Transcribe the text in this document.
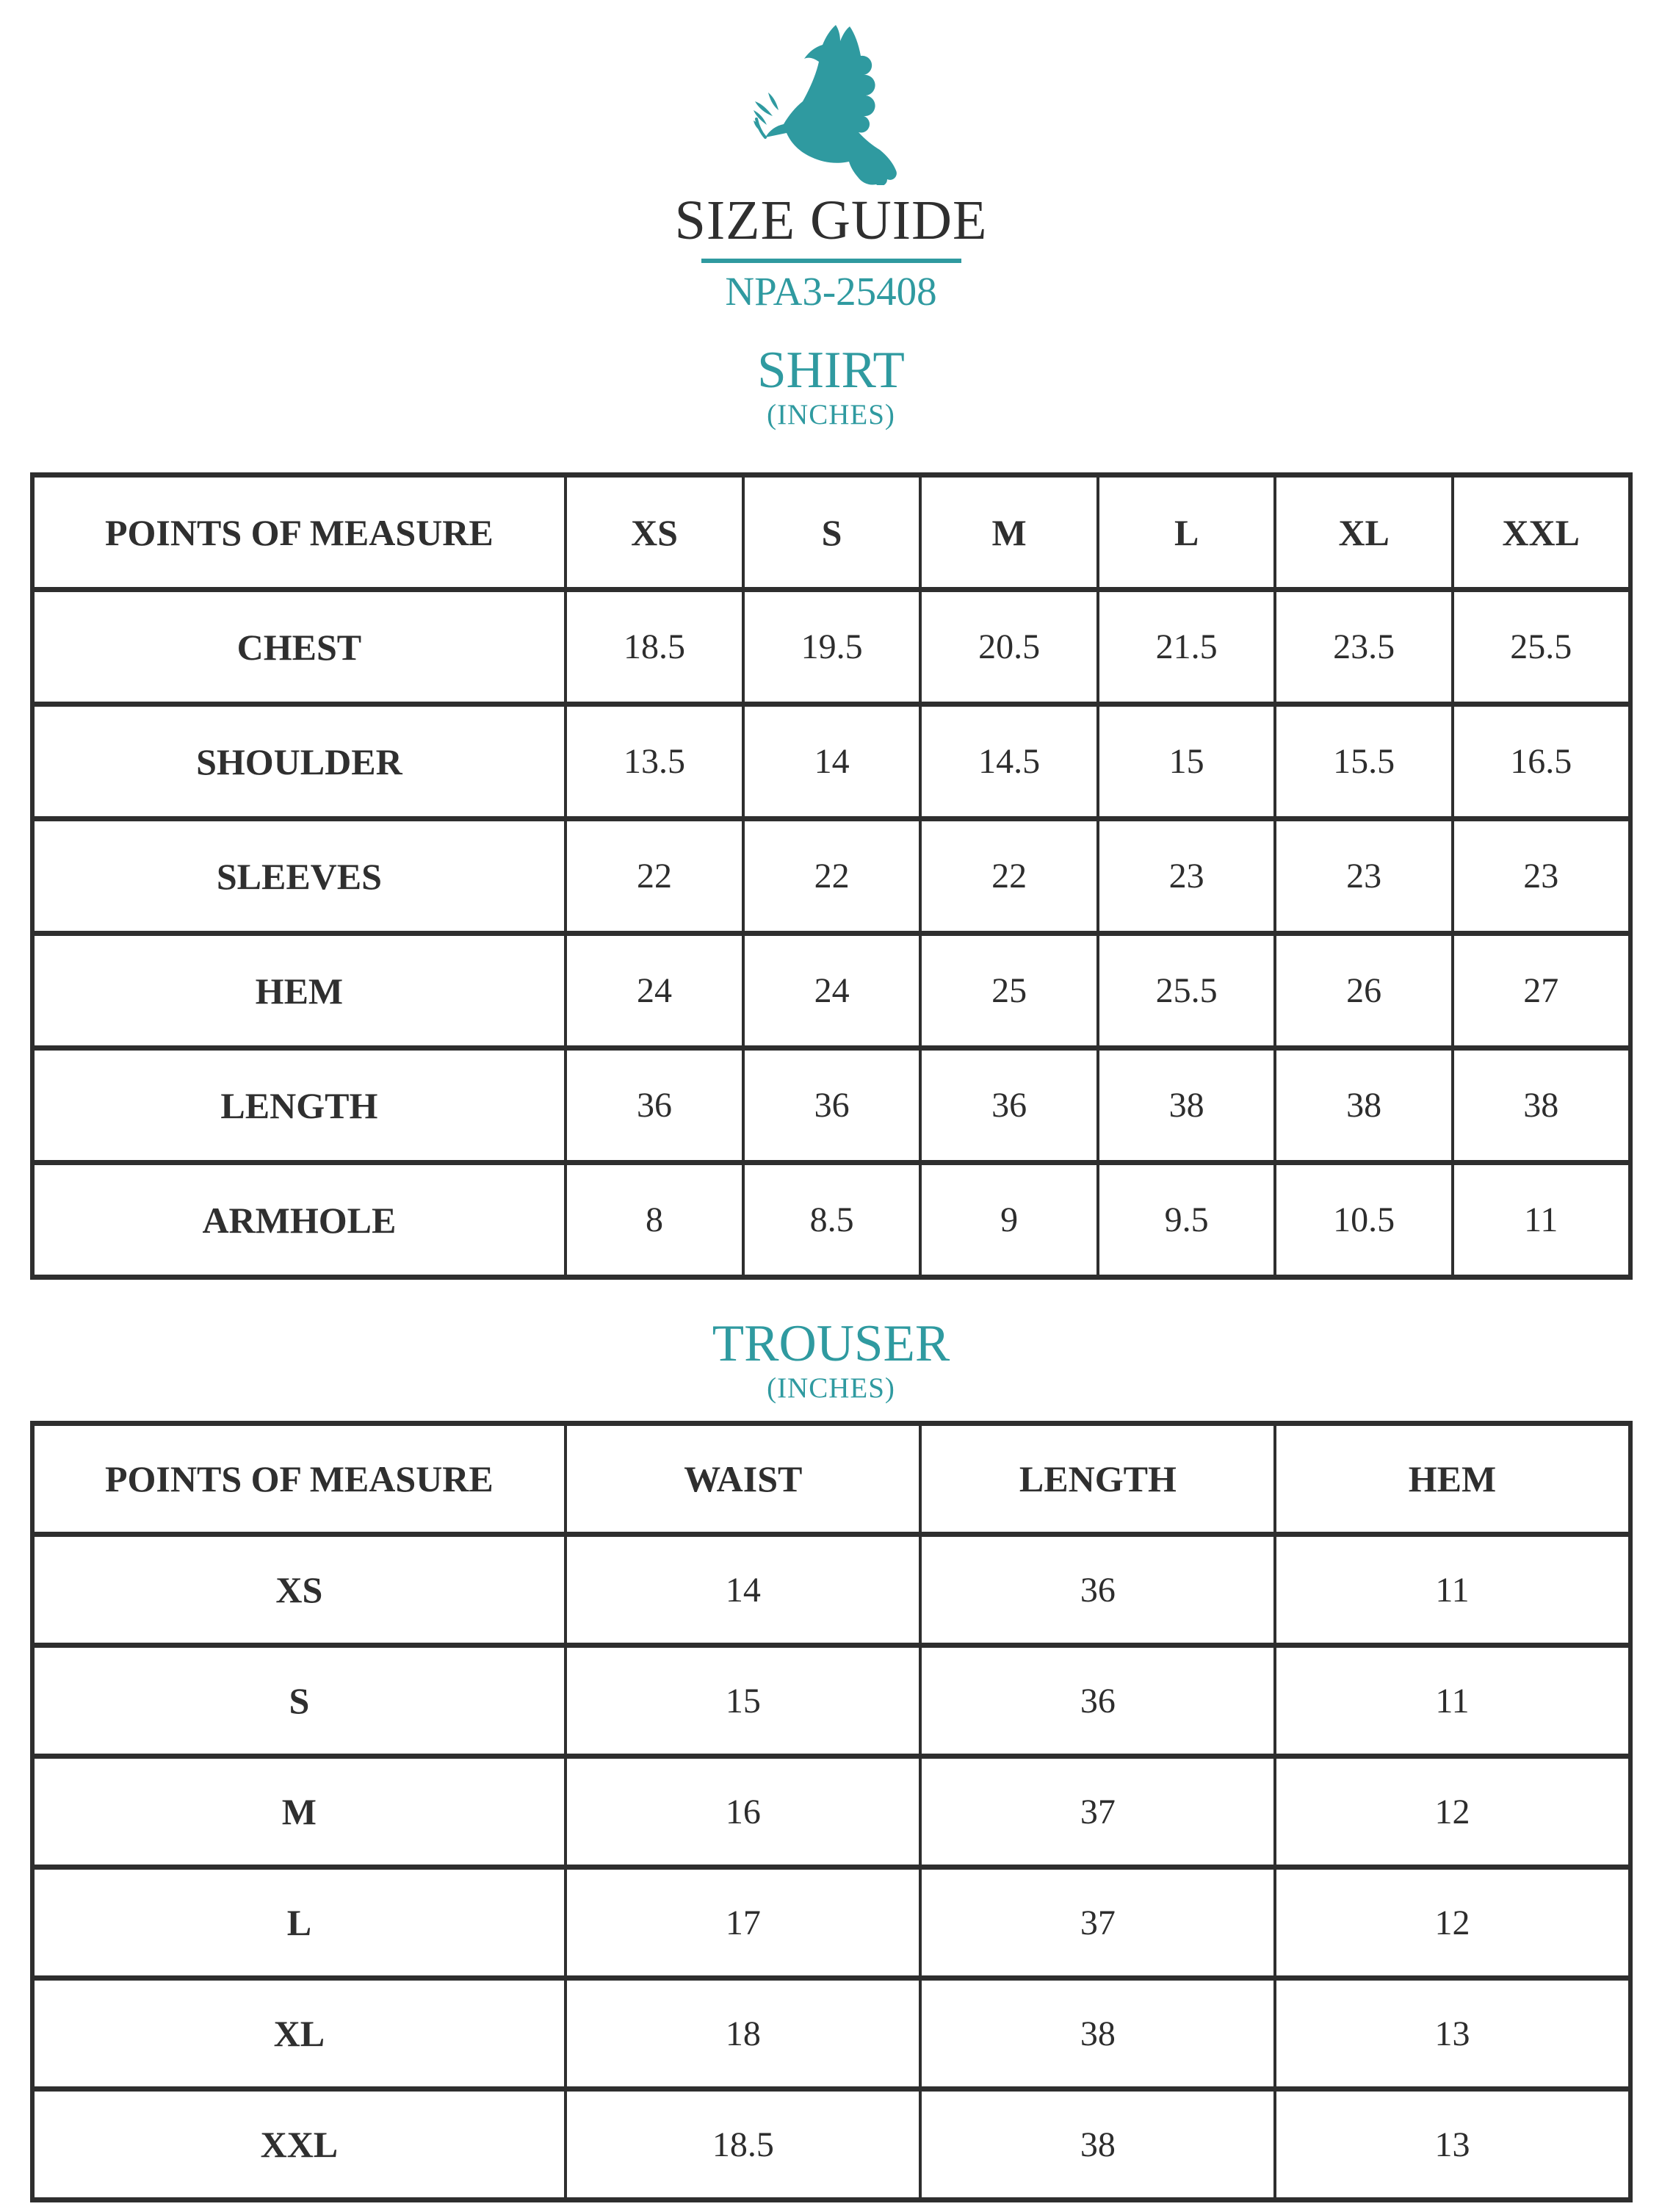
SIZE GUIDE
NPA3-25408
SHIRT
(INCHES)
POINTS OF MEASURE	XS	S	M	L	XL	XXL
CHEST	18.5	19.5	20.5	21.5	23.5	25.5
SHOULDER	13.5	14	14.5	15	15.5	16.5
SLEEVES	22	22	22	23	23	23
HEM	24	24	25	25.5	26	27
LENGTH	36	36	36	38	38	38
ARMHOLE	8	8.5	9	9.5	10.5	11
TROUSER
(INCHES)
POINTS OF MEASURE	WAIST	LENGTH	HEM
XS	14	36	11
S	15	36	11
M	16	37	12
L	17	37	12
XL	18	38	13
XXL	18.5	38	13
